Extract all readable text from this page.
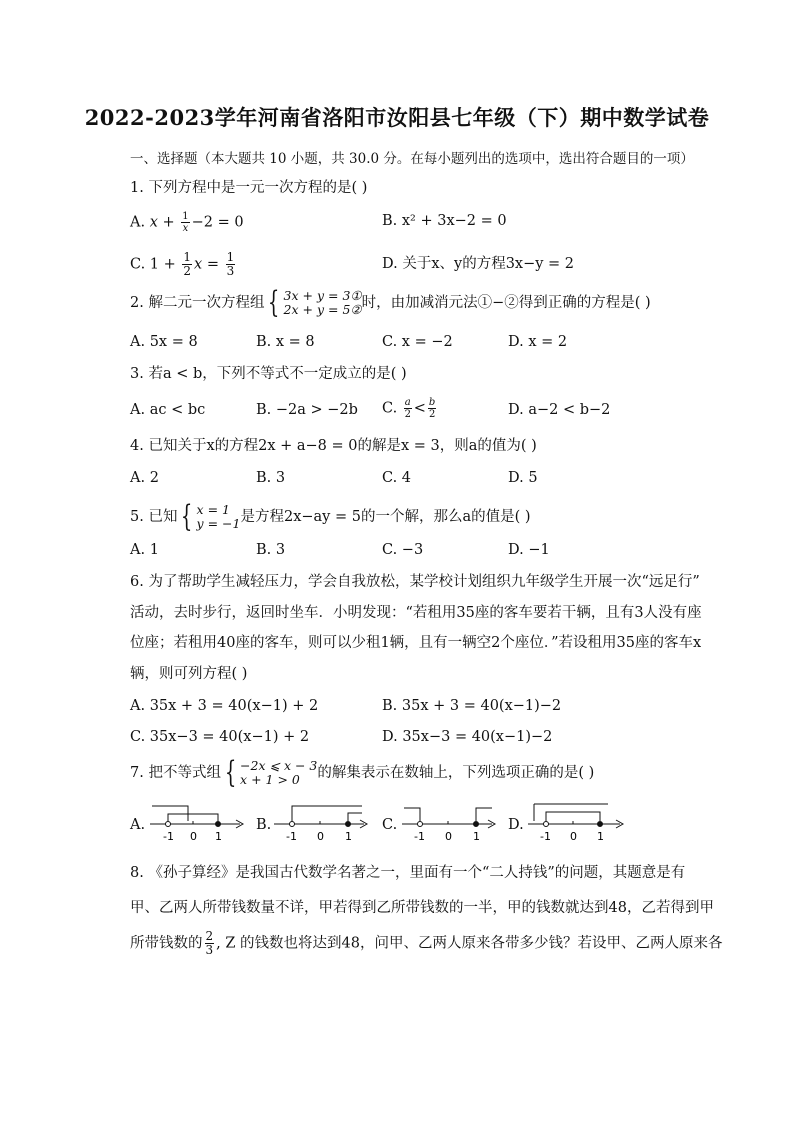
2022-2023学年河南省洛阳市汝阳县七年级（下）期中数学试卷
一、选择题（本大题共 10 小题，共 30.0 分。在每小题列出的选项中，选出符合题目的一项）
1. 下列方程中是一元一次方程的是( )
A. $x + \frac{1}{x} -2 = 0$	B. x² + 3x−2 = 0
C. $1 + \frac{1}{2}$ $x = \frac{1}{3}$	D. 关于x、y的方程3x−y = 2
2. 解二元一次方程组 { 3x + y = 3①
2x + y = 5② 时，由加减消元法①−②得到正确的方程是( )
A. 5x = 8	B. x = 8	C. x = −2	D. x = 2
3. 若a < b，下列不等式不一定成立的是( )
A. ac < bc	B. −2a > −2b C. $\frac{a}{2} < \frac{b}{2}$	D. a−2 < b−2
4. 已知关于x的方程2x + a−8 = 0的解是x = 3，则a的值为( )
A. 2	B. 3	C. 4	D. 5
5. 已知 { x = 1
y = −1 是方程2x−ay = 5的一个解，那么a的值是( )
A. 1	B. 3	C. −3	D. −1
6. 为了帮助学生减轻压力，学会自我放松，某学校计划组织九年级学生开展一次“远足行”
活动，去时步行，返回时坐车．小明发现：“若租用35座的客车要若干辆，且有3人没有座
位座；若租用40座的客车，则可以少租1辆，且有一辆空2个座位．”若设租用35座的客车x
辆，则可列方程( )
A. 35x + 3 = 40(x−1) + 2	B. 35x + 3 = 40(x−1)−2
C. 35x−3 = 40(x−1) + 2	D. 35x−3 = 40(x−1)−2
7. 把不等式组 { −2x ⩽ x − 3
x + 1 > 0	的解集表示在数轴上，下列选项正确的是( )
A.
-1 0 1
B.
-1 0 1
C.
-1 0 1
D.
-1 0 1
8. 《孙子算经》是我国古代数学名著之一，里面有一个“二人持钱”的问题，其题意是有
甲、乙两人所带钱数量不详，甲若得到乙所带钱数的一半，甲的钱数就达到48，乙若得到甲
所带钱数的 $\frac{2}{3}$ , Z 的钱数也将达到48，问甲、乙两人原来各带多少钱？若设甲、乙两人原来各
